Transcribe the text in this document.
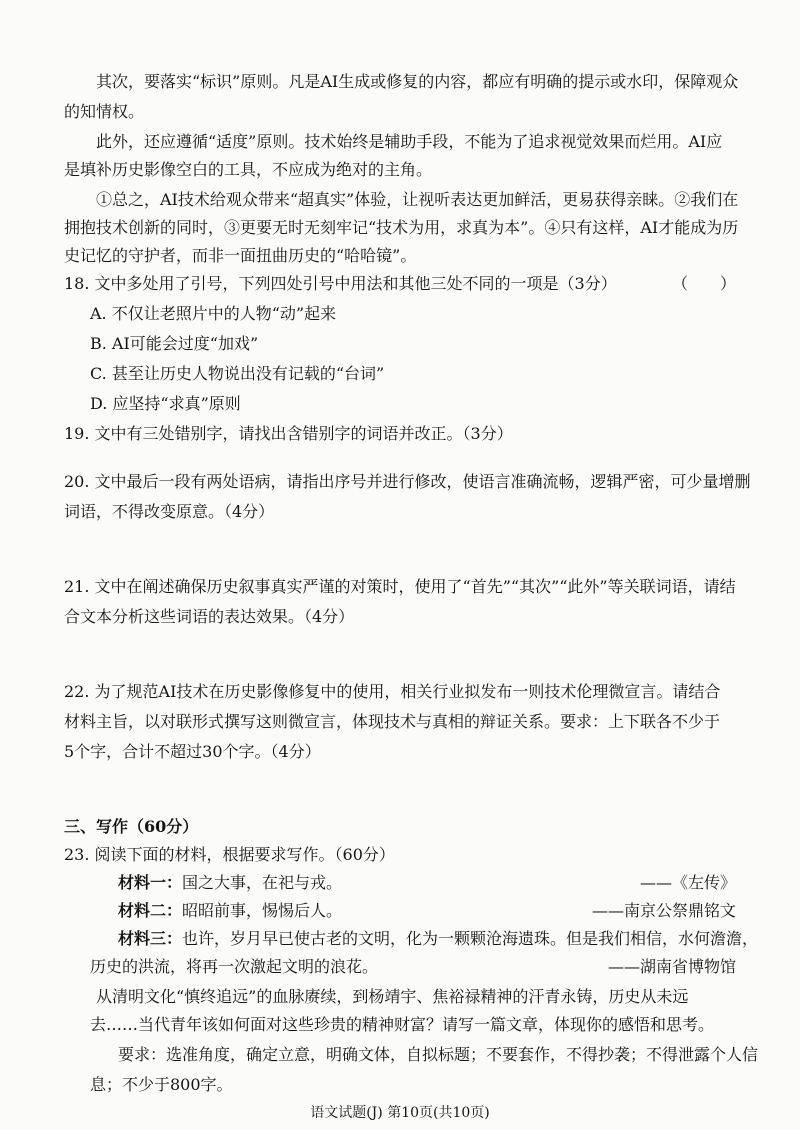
其次，要落实“标识”原则。凡是AI生成或修复的内容，都应有明确的提示或水印，保障观众
的知情权。
此外，还应遵循“适度”原则。技术始终是辅助手段，不能为了追求视觉效果而烂用。AI应
是填补历史影像空白的工具，不应成为绝对的主角。
①总之，AI技术给观众带来“超真实”体验，让视听表达更加鲜活，更易获得亲睐。②我们在
拥抱技术创新的同时，③更要无时无刻牢记“技术为用，求真为本”。④只有这样，AI才能成为历
史记忆的守护者，而非一面扭曲历史的“哈哈镜”。
18. 文中多处用了引号，下列四处引号中用法和其他三处不同的一项是（3分）	（　　）
A. 不仅让老照片中的人物“动”起来
B. AI可能会过度“加戏”
C. 甚至让历史人物说出没有记载的“台词”
D. 应坚持“求真”原则
19. 文中有三处错别字，请找出含错别字的词语并改正。（3分）
20. 文中最后一段有两处语病，请指出序号并进行修改，使语言准确流畅，逻辑严密，可少量增删
词语，不得改变原意。（4分）
21. 文中在阐述确保历史叙事真实严谨的对策时，使用了“首先”“其次”“此外”等关联词语，请结
合文本分析这些词语的表达效果。（4分）
22. 为了规范AI技术在历史影像修复中的使用，相关行业拟发布一则技术伦理微宣言。请结合
材料主旨，以对联形式撰写这则微宣言，体现技术与真相的辩证关系。要求：上下联各不少于
5个字，合计不超过30个字。（4分）
三、写作（60分）
23. 阅读下面的材料，根据要求写作。（60分）
材料一：国之大事，在祀与戎。	——《左传》
材料二：昭昭前事，惕惕后人。	——南京公祭鼎铭文
材料三：也许，岁月早已使古老的文明，化为一颗颗沧海遗珠。但是我们相信，水何澹澹，
历史的洪流，将再一次激起文明的浪花。	——湖南省博物馆
从清明文化“慎终追远”的血脉赓续，到杨靖宇、焦裕禄精神的汗青永铸，历史从未远
去……当代青年该如何面对这些珍贵的精神财富？请写一篇文章，体现你的感悟和思考。
要求：选准角度，确定立意，明确文体，自拟标题；不要套作，不得抄袭；不得泄露个人信
息；不少于800字。
语文试题(J) 第10页(共10页)
